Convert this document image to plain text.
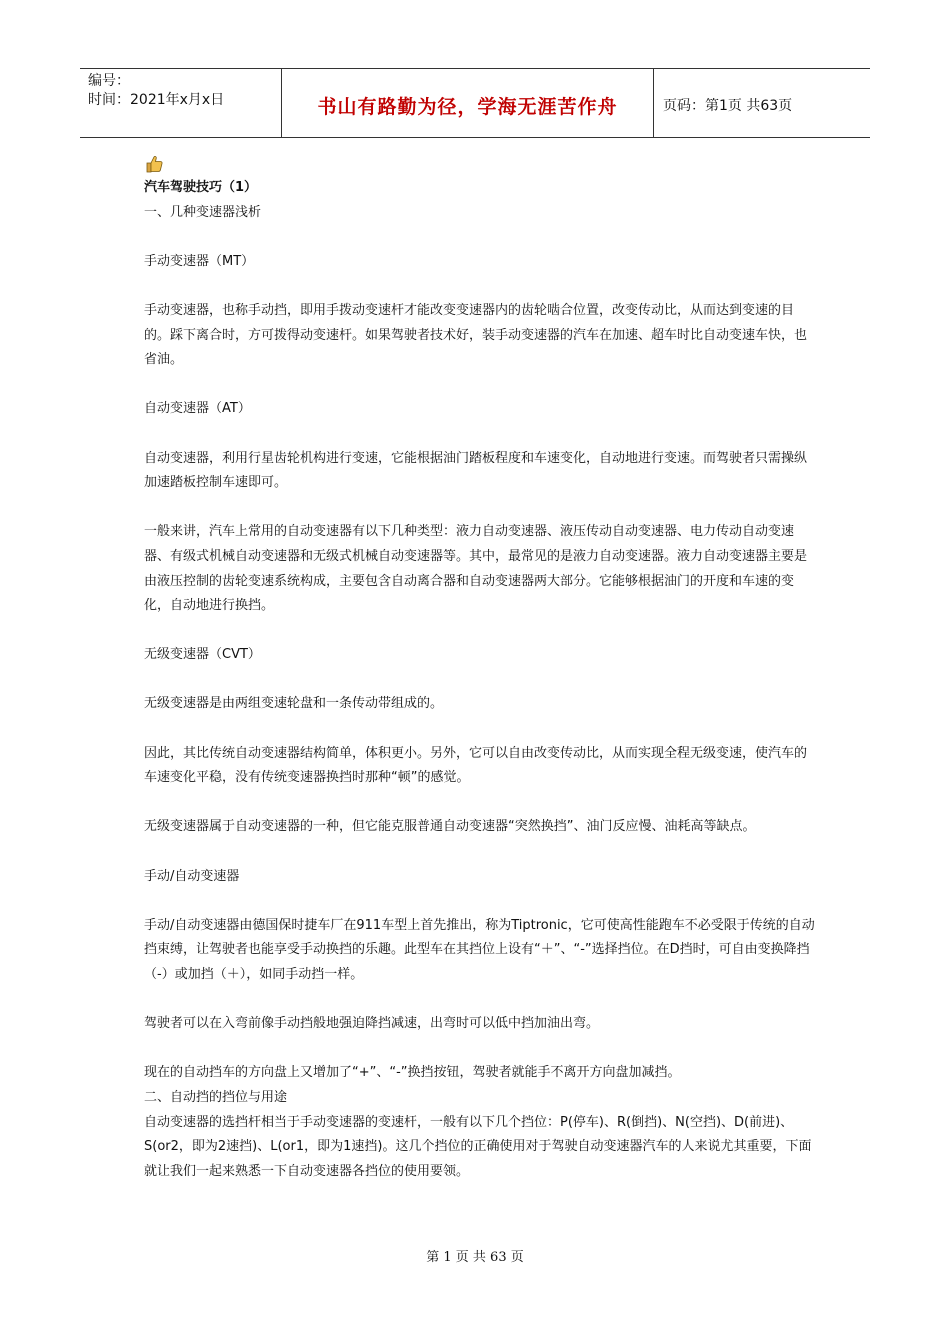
编号：
时间：2021年x月x日	书山有路勤为径，学海无涯苦作舟	页码：第1页 共63页

汽车驾驶技巧（1）

一、几种变速器浅析

手动变速器（MT）

手动变速器，也称手动挡，即用手拨动变速杆才能改变变速器内的齿轮啮合位置，改变传动比，从而达到变速的目的。踩下离合时，方可拨得动变速杆。如果驾驶者技术好，装手动变速器的汽车在加速、超车时比自动变速车快，也省油。

自动变速器（AT）

自动变速器，利用行星齿轮机构进行变速，它能根据油门踏板程度和车速变化，自动地进行变速。而驾驶者只需操纵加速踏板控制车速即可。

一般来讲，汽车上常用的自动变速器有以下几种类型：液力自动变速器、液压传动自动变速器、电力传动自动变速器、有级式机械自动变速器和无级式机械自动变速器等。其中，最常见的是液力自动变速器。液力自动变速器主要是由液压控制的齿轮变速系统构成，主要包含自动离合器和自动变速器两大部分。它能够根据油门的开度和车速的变化，自动地进行换挡。

无级变速器（CVT）

无级变速器是由两组变速轮盘和一条传动带组成的。

因此，其比传统自动变速器结构简单，体积更小。另外，它可以自由改变传动比，从而实现全程无级变速，使汽车的车速变化平稳，没有传统变速器换挡时那种“顿”的感觉。

无级变速器属于自动变速器的一种，但它能克服普通自动变速器“突然换挡”、油门反应慢、油耗高等缺点。

手动/自动变速器

手动/自动变速器由德国保时捷车厂在911车型上首先推出，称为Tiptronic，它可使高性能跑车不必受限于传统的自动挡束缚，让驾驶者也能享受手动换挡的乐趣。此型车在其挡位上设有“＋”、“-”选择挡位。在D挡时，可自由变换降挡（-）或加挡（＋），如同手动挡一样。

驾驶者可以在入弯前像手动挡般地强迫降挡减速，出弯时可以低中挡加油出弯。

现在的自动挡车的方向盘上又增加了“+”、“-”换挡按钮，驾驶者就能手不离开方向盘加减挡。

二、自动挡的挡位与用途

自动变速器的选挡杆相当于手动变速器的变速杆，一般有以下几个挡位：P(停车)、R(倒挡)、N(空挡)、D(前进)、S(or2，即为2速挡)、L(or1，即为1速挡)。这几个挡位的正确使用对于驾驶自动变速器汽车的人来说尤其重要，下面就让我们一起来熟悉一下自动变速器各挡位的使用要领。

第 1 页 共 63 页
